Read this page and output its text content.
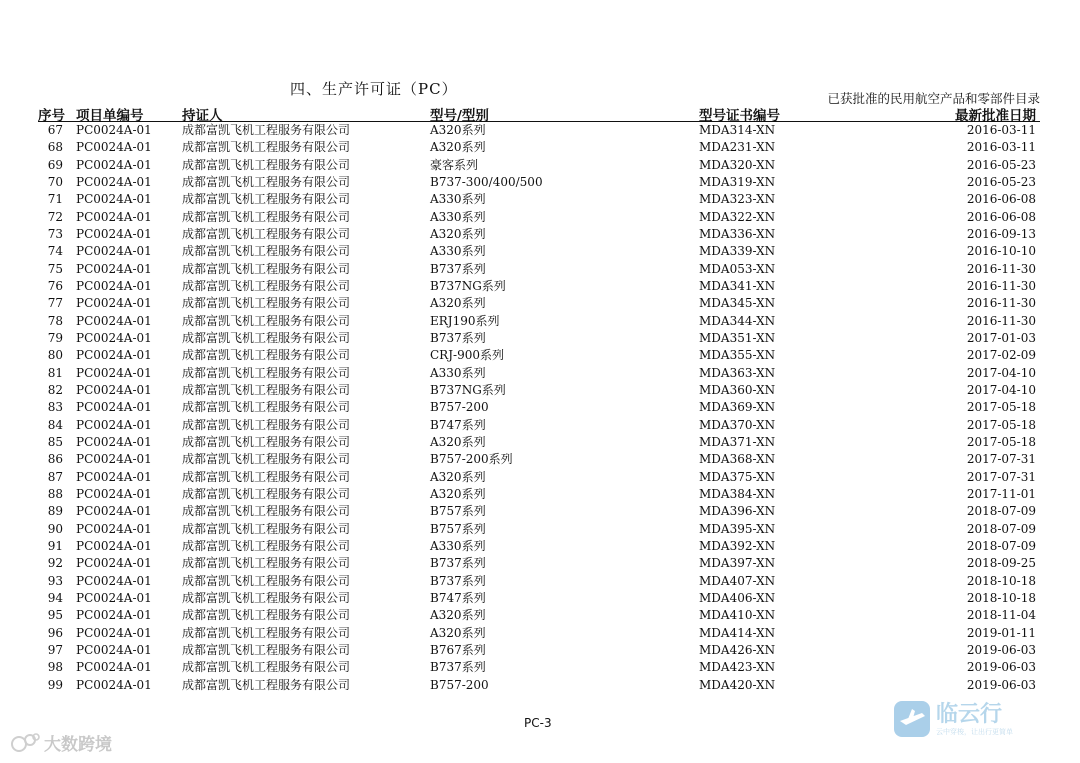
四、生产许可证（PC）
已获批准的民用航空产品和零部件目录
序号 项目单编号	持证人	型号/型别	型号证书编号	最新批准日期
67 PC0024A-01	成都富凯飞机工程服务有限公司	A320系列	MDA314-XN	2016-03-11
68 PC0024A-01	成都富凯飞机工程服务有限公司	A320系列	MDA231-XN	2016-03-11
69 PC0024A-01	成都富凯飞机工程服务有限公司	豪客系列	MDA320-XN	2016-05-23
70 PC0024A-01	成都富凯飞机工程服务有限公司	B737-300/400/500	MDA319-XN	2016-05-23
71 PC0024A-01	成都富凯飞机工程服务有限公司	A330系列	MDA323-XN	2016-06-08
72 PC0024A-01	成都富凯飞机工程服务有限公司	A330系列	MDA322-XN	2016-06-08
73 PC0024A-01	成都富凯飞机工程服务有限公司	A320系列	MDA336-XN	2016-09-13
74 PC0024A-01	成都富凯飞机工程服务有限公司	A330系列	MDA339-XN	2016-10-10
75 PC0024A-01	成都富凯飞机工程服务有限公司	B737系列	MDA053-XN	2016-11-30
76 PC0024A-01	成都富凯飞机工程服务有限公司	B737NG系列	MDA341-XN	2016-11-30
77 PC0024A-01	成都富凯飞机工程服务有限公司	A320系列	MDA345-XN	2016-11-30
78 PC0024A-01	成都富凯飞机工程服务有限公司	ERJ190系列	MDA344-XN	2016-11-30
79 PC0024A-01	成都富凯飞机工程服务有限公司	B737系列	MDA351-XN	2017-01-03
80 PC0024A-01	成都富凯飞机工程服务有限公司	CRJ-900系列	MDA355-XN	2017-02-09
81 PC0024A-01	成都富凯飞机工程服务有限公司	A330系列	MDA363-XN	2017-04-10
82 PC0024A-01	成都富凯飞机工程服务有限公司	B737NG系列	MDA360-XN	2017-04-10
83 PC0024A-01	成都富凯飞机工程服务有限公司	B757-200	MDA369-XN	2017-05-18
84 PC0024A-01	成都富凯飞机工程服务有限公司	B747系列	MDA370-XN	2017-05-18
85 PC0024A-01	成都富凯飞机工程服务有限公司	A320系列	MDA371-XN	2017-05-18
86 PC0024A-01	成都富凯飞机工程服务有限公司	B757-200系列	MDA368-XN	2017-07-31
87 PC0024A-01	成都富凯飞机工程服务有限公司	A320系列	MDA375-XN	2017-07-31
88 PC0024A-01	成都富凯飞机工程服务有限公司	A320系列	MDA384-XN	2017-11-01
89 PC0024A-01	成都富凯飞机工程服务有限公司	B757系列	MDA396-XN	2018-07-09
90 PC0024A-01	成都富凯飞机工程服务有限公司	B757系列	MDA395-XN	2018-07-09
91 PC0024A-01	成都富凯飞机工程服务有限公司	A330系列	MDA392-XN	2018-07-09
92 PC0024A-01	成都富凯飞机工程服务有限公司	B737系列	MDA397-XN	2018-09-25
93 PC0024A-01	成都富凯飞机工程服务有限公司	B737系列	MDA407-XN	2018-10-18
94 PC0024A-01	成都富凯飞机工程服务有限公司	B747系列	MDA406-XN	2018-10-18
95 PC0024A-01	成都富凯飞机工程服务有限公司	A320系列	MDA410-XN	2018-11-04
96 PC0024A-01	成都富凯飞机工程服务有限公司	A320系列	MDA414-XN	2019-01-11
97 PC0024A-01	成都富凯飞机工程服务有限公司	B767系列	MDA426-XN	2019-06-03
98 PC0024A-01	成都富凯飞机工程服务有限公司	B737系列	MDA423-XN	2019-06-03
99 PC0024A-01	成都富凯飞机工程服务有限公司	B757-200	MDA420-XN	2019-06-03
PC-3
大数跨境
临云行
云中穿梭，让出行更简单
